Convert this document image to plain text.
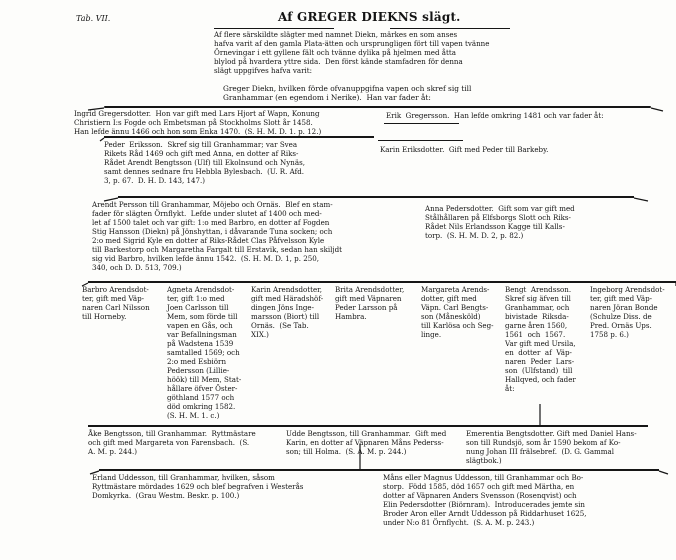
Tab. VII.	Af GREGER DIEKNS slägt.
Af flere särskildte slägter med namnet Diekn, märkes en som anses
hafva varit af den gamla Plata-ätten och ursprungligen fört till vapen tvänne
Örnevingar i ett gyllene fält och tvänne dylika på hjelmen med åtta
blylod på hvardera yttre sida.  Den först kände stamfadren för denna
slägt uppgifves hafva varit:
Greger Diekn, hvilken förde ofvanuppgifna vapen och skref sig till
Granhammar (en egendom i Nerike).  Han var fader åt:
Ingrid Gregersdotter.  Hon var gift med Lars Hjort af Wapn, Konung
Christiern I:s Fogde och Embetsman på Stockholms Slott år 1458.
Han lefde ännu 1466 och hon som Enka 1470.  (S. H. M. D. 1. p. 12.)
Erik  Gregersson.  Han lefde omkring 1481 och var fader åt:
Peder  Eriksson.  Skref sig till Granhammar; var Svea
Rikets Råd 1469 och gift med Anna, en dotter af Riks-
Rådet Arendt Bengtsson (Ulf) till Ekolnsund och Nynäs,
samt dennes sednare fru Hebbla Bylesbach.  (U. R. Afd.
3, p. 67.  D. H. D. 143, 147.)
Karin Eriksdotter.  Gift med Peder till Barkeby.
Arendt Persson till Granhammar, Möjebo och Ornäs.  Blef en stam-
fader för slägten Örnflykt.  Lefde under slutet af 1400 och med-
let af 1500 talet och var gift: 1:o med Barbro, en dotter af Fogden
Stig Hansson (Diekn) på Jönshyttan, i dåvarande Tuna socken; och
2:o med Sigrid Kyle en dotter af Riks-Rådet Clas Påfvelsson Kyle
till Barkestorp och Margaretha Fargalt till Erstavik, sedan han skiljdt
sig vid Barbro, hvilken lefde ännu 1542.  (S. H. M. D. 1, p. 250,
340, och D. D. 513, 709.)
Anna Pedersdotter.  Gift som var gift med
Stålhållaren på Elfsborgs Slott och Riks-
Rådet Nils Erlandsson Kagge till Kalls-
torp.  (S. H. M. D. 2, p. 82.)
Barbro Arendsdot-
ter, gift med Väp-
naren Carl Nilsson
till Horneby.
Agneta Arendsdot-
ter, gift 1:o med
Joen Carlsson till
Mem, som förde till
vapen en Gås, och
var Befallningsman
på Wadstena 1539
samtalled 1569; och
2:o med Esbiörn
Pedersson (Lillie-
höök) till Mem, Stat-
hållare öfver Öster-
göthland 1577 och
död omkring 1582.
(S. H. M. 1. c.)
Karin Arendsdotter,
gift med Häradshöf-
dingen Jöns Inge-
marsson (Biort) till
Ornäs.  (Se Tab.
XIX.)
Brita Arendsdotter,
gift med Väpnaren
Peder Larsson på
Hambra.
Margareta Arends-
dotter, gift med
Väpn. Carl Bengts-
son (Månesköld)
till Karlösa och Seg-
linge.
Bengt  Arendsson.
Skref sig äfven till
Granhammar, och
bivistade  Riksda-
garne åren 1560,
1561  och  1567.
Var gift med Ursila,
en  dotter  af  Väp-
naren  Peder  Lars-
son  (Ulfstand)  till
Hallqved, och fader
åt:
Ingeborg Arendsdot-
ter, gift med Väp-
naren Jöran Bonde
(Schulze Diss. de
Pred. Ornäs Ups.
1758 p. 6.)
Åke Bengtsson, till Granhammar.  Ryttmästare
och gift med Margareta von Farensbach.  (S.
A. M. p. 244.)
Udde Bengtsson, till Granhammar.  Gift med
Karin, en dotter af Väpnaren Måns Pederss-
son; till Holma.  (S. A. M. p. 244.)
Emerentia Bengtsdotter. Gift med Daniel Hans-
son till Rundsjö, som år 1590 bekom af Ko-
nung Johan III frälsebref.  (D. G. Gammal
slägtbok.)
Erland Uddesson, till Granhammar, hvilken, såsom
Ryttmästare mördades 1629 och blef begrafven i Westerås
Domkyrka.  (Grau Westm. Beskr. p. 100.)
Måns eller Magnus Uddesson, till Granhammar och Bo-
storp.  Född 1585, död 1657 och gift med Märtha, en
dotter af Väpnaren Anders Svensson (Rosenqvist) och
Elin Pedersdotter (Biörnram).  Introducerades jemte sin
Broder Aron eller Arndt Uddesson på Riddarhuset 1625,
under N:o 81 Örnflycht.  (S. A. M. p. 243.)
